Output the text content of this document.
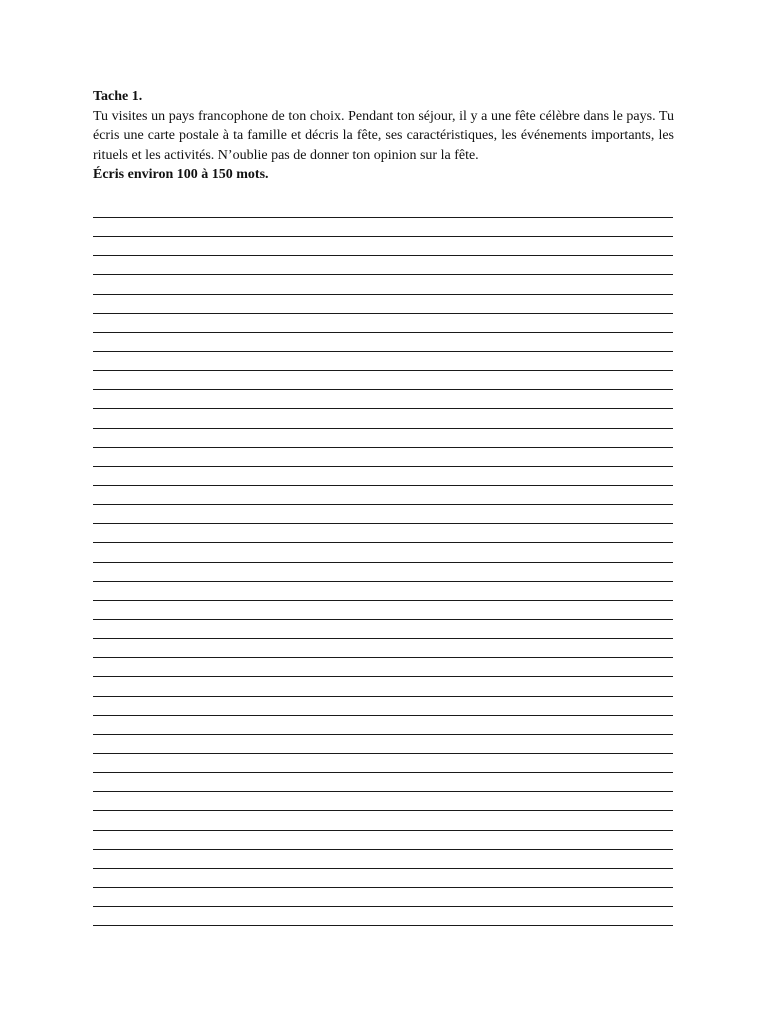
Tache 1.

Tu visites un pays francophone de ton choix. Pendant ton séjour, il y a une fête célèbre dans le pays. Tu écris une carte postale à ta famille et décris la fête, ses caractéristiques, les événements importants, les rituels et les activités. N’oublie pas de donner ton opinion sur la fête.

Écris environ 100 à 150 mots.
